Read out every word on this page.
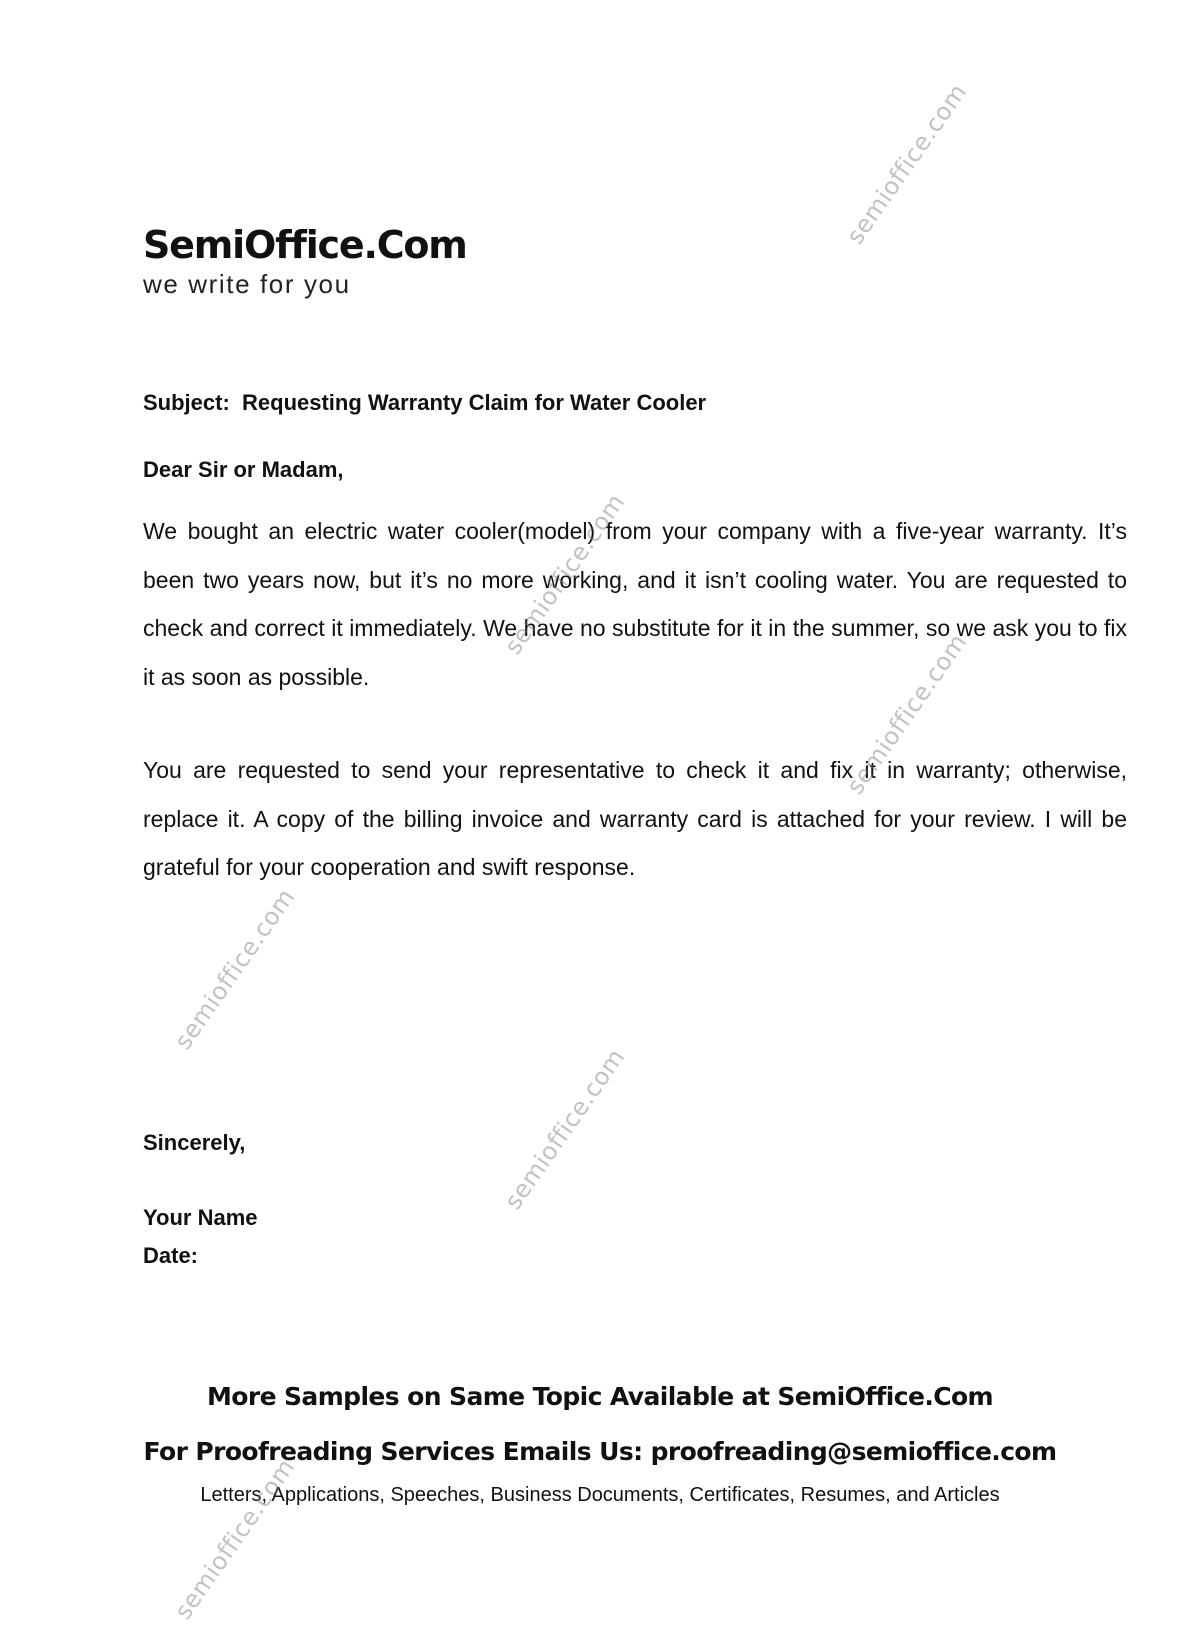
SemiOffice.Com
we write for you
Subject:  Requesting Warranty Claim for Water Cooler
Dear Sir or Madam,
We bought an electric water cooler(model) from your company with a five-year warranty. It’s been two years now, but it’s no more working, and it isn’t cooling water. You are requested to check and correct it immediately. We have no substitute for it in the summer, so we ask you to fix it as soon as possible.
You are requested to send your representative to check it and fix it in warranty; otherwise, replace it. A copy of the billing invoice and warranty card is attached for your review. I will be grateful for your cooperation and swift response.
Sincerely,
Your Name
Date:
More Samples on Same Topic Available at SemiOffice.Com
For Proofreading Services Emails Us: proofreading@semioffice.com
Letters, Applications, Speeches, Business Documents, Certificates, Resumes, and Articles
semioffice.com
semioffice.com
semioffice.com
semioffice.com
semioffice.com
semioffice.com
